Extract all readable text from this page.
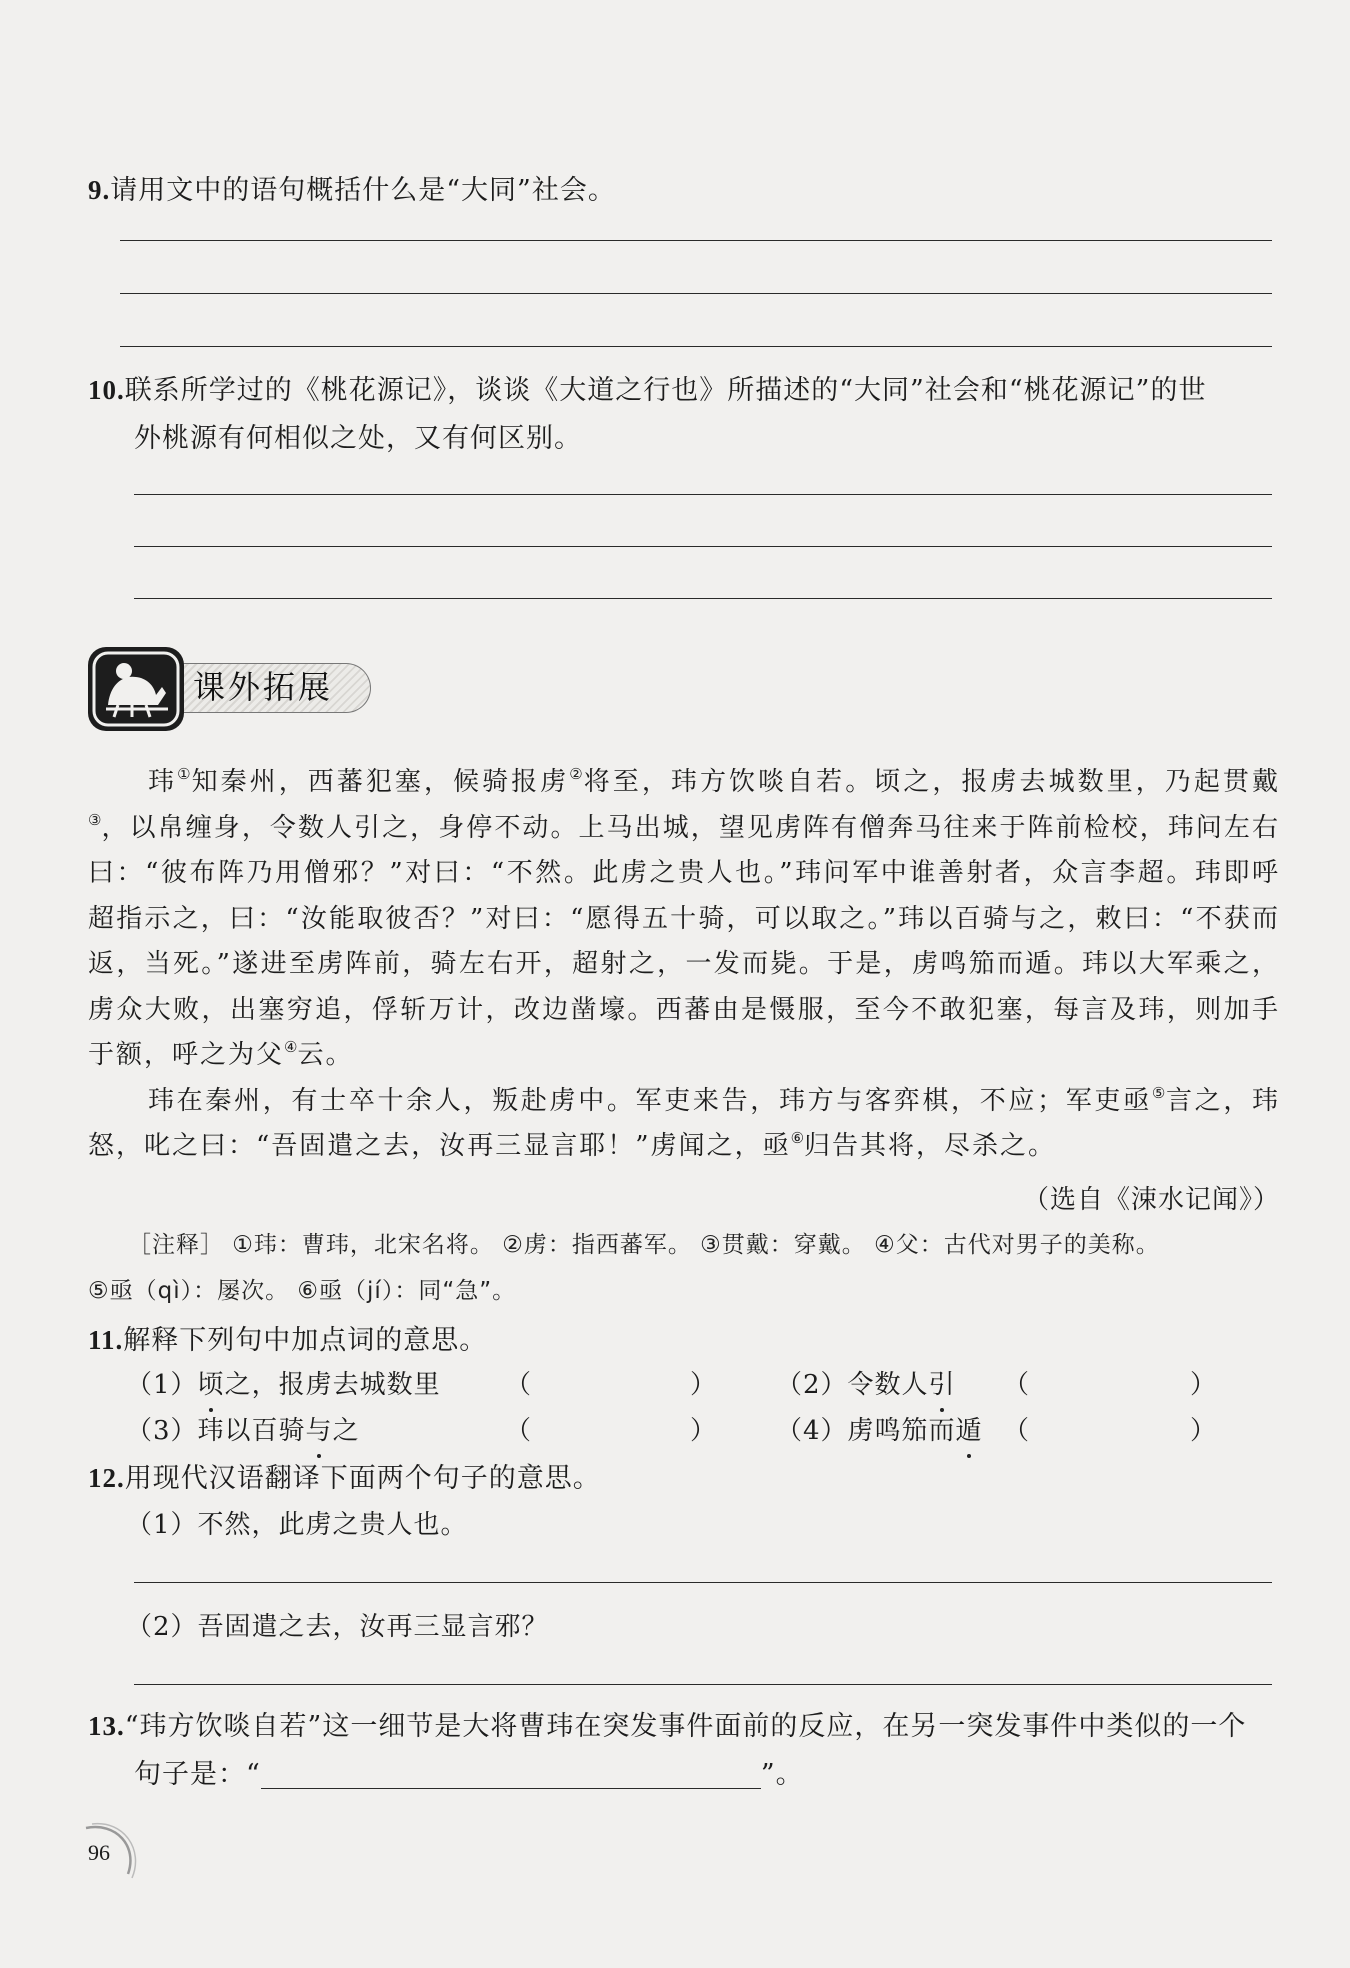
9.请用文中的语句概括什么是“大同”社会。
10.联系所学过的《桃花源记》，谈谈《大道之行也》所描述的“大同”社会和“桃花源记”的世
外桃源有何相似之处，又有何区别。
课外拓展

玮①知秦州，西蕃犯塞，候骑报虏②将至，玮方饮啖自若。顷之，报虏去城数里，乃起贯戴③，以帛缠身，令数人引之，身停不动。上马出城，望见虏阵有僧奔马往来于阵前检校，玮问左右曰：“彼布阵乃用僧邪？”对曰：“不然。此虏之贵人也。”玮问军中谁善射者，众言李超。玮即呼超指示之，曰：“汝能取彼否？”对曰：“愿得五十骑，可以取之。”玮以百骑与之，敕曰：“不获而返，当死。”遂进至虏阵前，骑左右开，超射之，一发而毙。于是，虏鸣笳而遁。玮以大军乘之，虏众大败，出塞穷追，俘斩万计，改边凿壕。西蕃由是慑服，至今不敢犯塞，每言及玮，则加手于额，呼之为父④云。

玮在秦州，有士卒十余人，叛赴虏中。军吏来告，玮方与客弈棋，不应；军吏亟⑤言之，玮怒，叱之曰：“吾固遣之去，汝再三显言耶！”虏闻之，亟⑥归告其将，尽杀之。

（选自《涑水记闻》）
［注释］ ①玮：曹玮，北宋名将。 ②虏：指西蕃军。 ③贯戴：穿戴。 ④父：古代对男子的美称。
⑤亟（qì）：屡次。 ⑥亟（jí）：同“急”。
11.解释下列句中加点词的意思。
（1）顷之，报虏去城数里 （	） （2）令数人引 （	）
（3）玮以百骑与之	（	） （4）虏鸣笳而遁 （	）
12.用现代汉语翻译下面两个句子的意思。
（1）不然，此虏之贵人也。
（2）吾固遣之去，汝再三显言邪？
13.“玮方饮啖自若”这一细节是大将曹玮在突发事件面前的反应，在另一突发事件中类似的一个
句子是：“	”。
96
